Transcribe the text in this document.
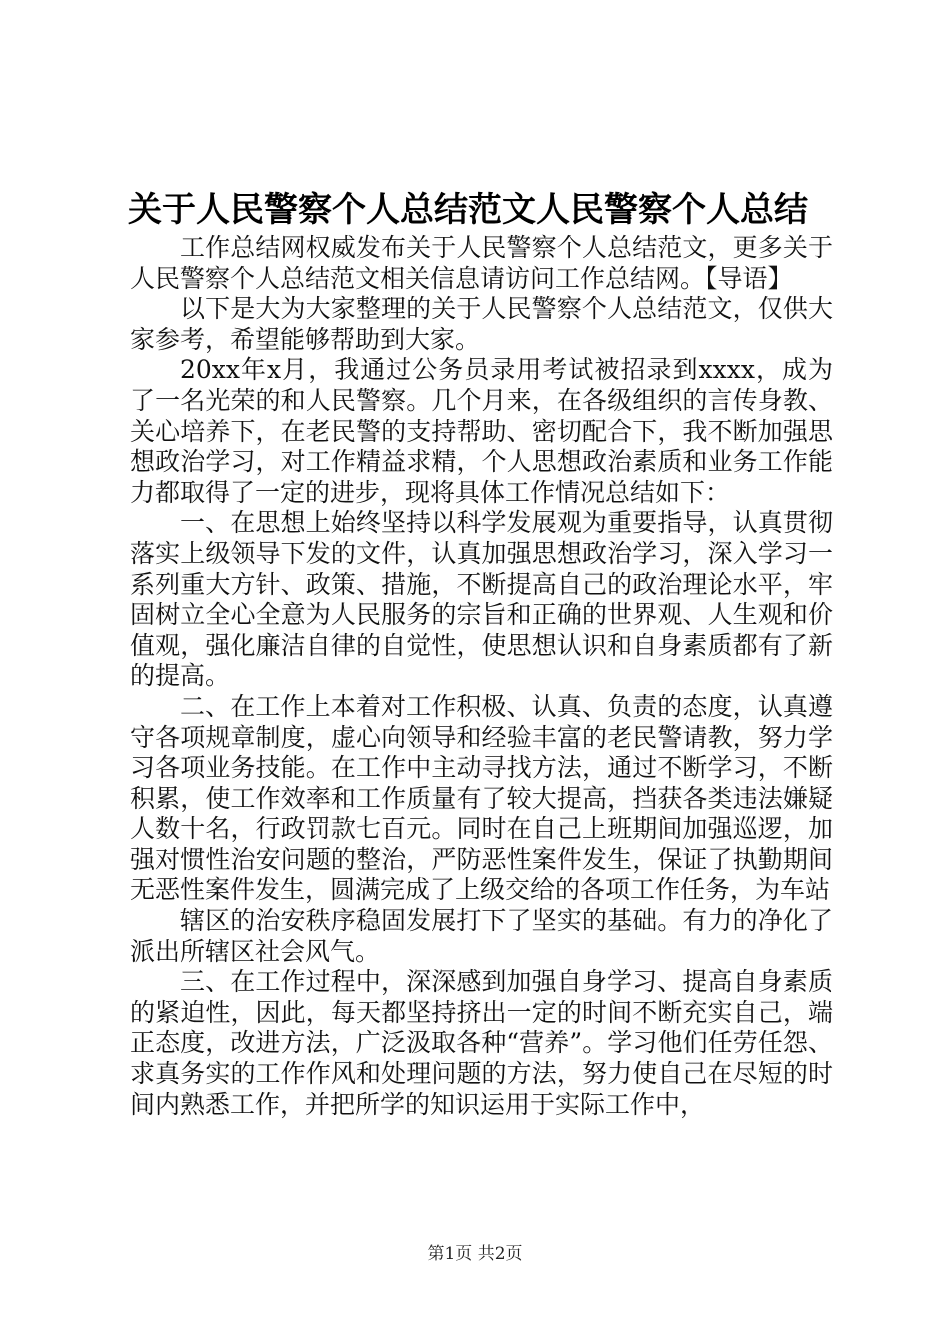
关于人民警察个人总结范文人民警察个人总结

工作总结网权威发布关于人民警察个人总结范文，更多关于人民警察个人总结范文相关信息请访问工作总结网。【导语】

以下是大为大家整理的关于人民警察个人总结范文，仅供大家参考，希望能够帮助到大家。

20xx年x月，我通过公务员录用考试被招录到xxxx，成为了一名光荣的和人民警察。几个月来，在各级组织的言传身教、关心培养下，在老民警的支持帮助、密切配合下，我不断加强思想政治学习，对工作精益求精，个人思想政治素质和业务工作能力都取得了一定的进步，现将具体工作情况总结如下：

一、在思想上始终坚持以科学发展观为重要指导，认真贯彻落实上级领导下发的文件，认真加强思想政治学习，深入学习一系列重大方针、政策、措施，不断提高自己的政治理论水平，牢固树立全心全意为人民服务的宗旨和正确的世界观、人生观和价值观，强化廉洁自律的自觉性，使思想认识和自身素质都有了新的提高。

二、在工作上本着对工作积极、认真、负责的态度，认真遵守各项规章制度，虚心向领导和经验丰富的老民警请教，努力学习各项业务技能。在工作中主动寻找方法，通过不断学习，不断积累，使工作效率和工作质量有了较大提高，挡获各类违法嫌疑人数十名，行政罚款七百元。同时在自己上班期间加强巡逻，加强对惯性治安问题的整治，严防恶性案件发生，保证了执勤期间无恶性案件发生，圆满完成了上级交给的各项工作任务，为车站

辖区的治安秩序稳固发展打下了坚实的基础。有力的净化了派出所辖区社会风气。

三、在工作过程中，深深感到加强自身学习、提高自身素质的紧迫性，因此，每天都坚持挤出一定的时间不断充实自己，端正态度，改进方法，广泛汲取各种“营养”。学习他们任劳任怨、求真务实的工作作风和处理问题的方法，努力使自己在尽短的时间内熟悉工作，并把所学的知识运用于实际工作中，

第1页 共2页
